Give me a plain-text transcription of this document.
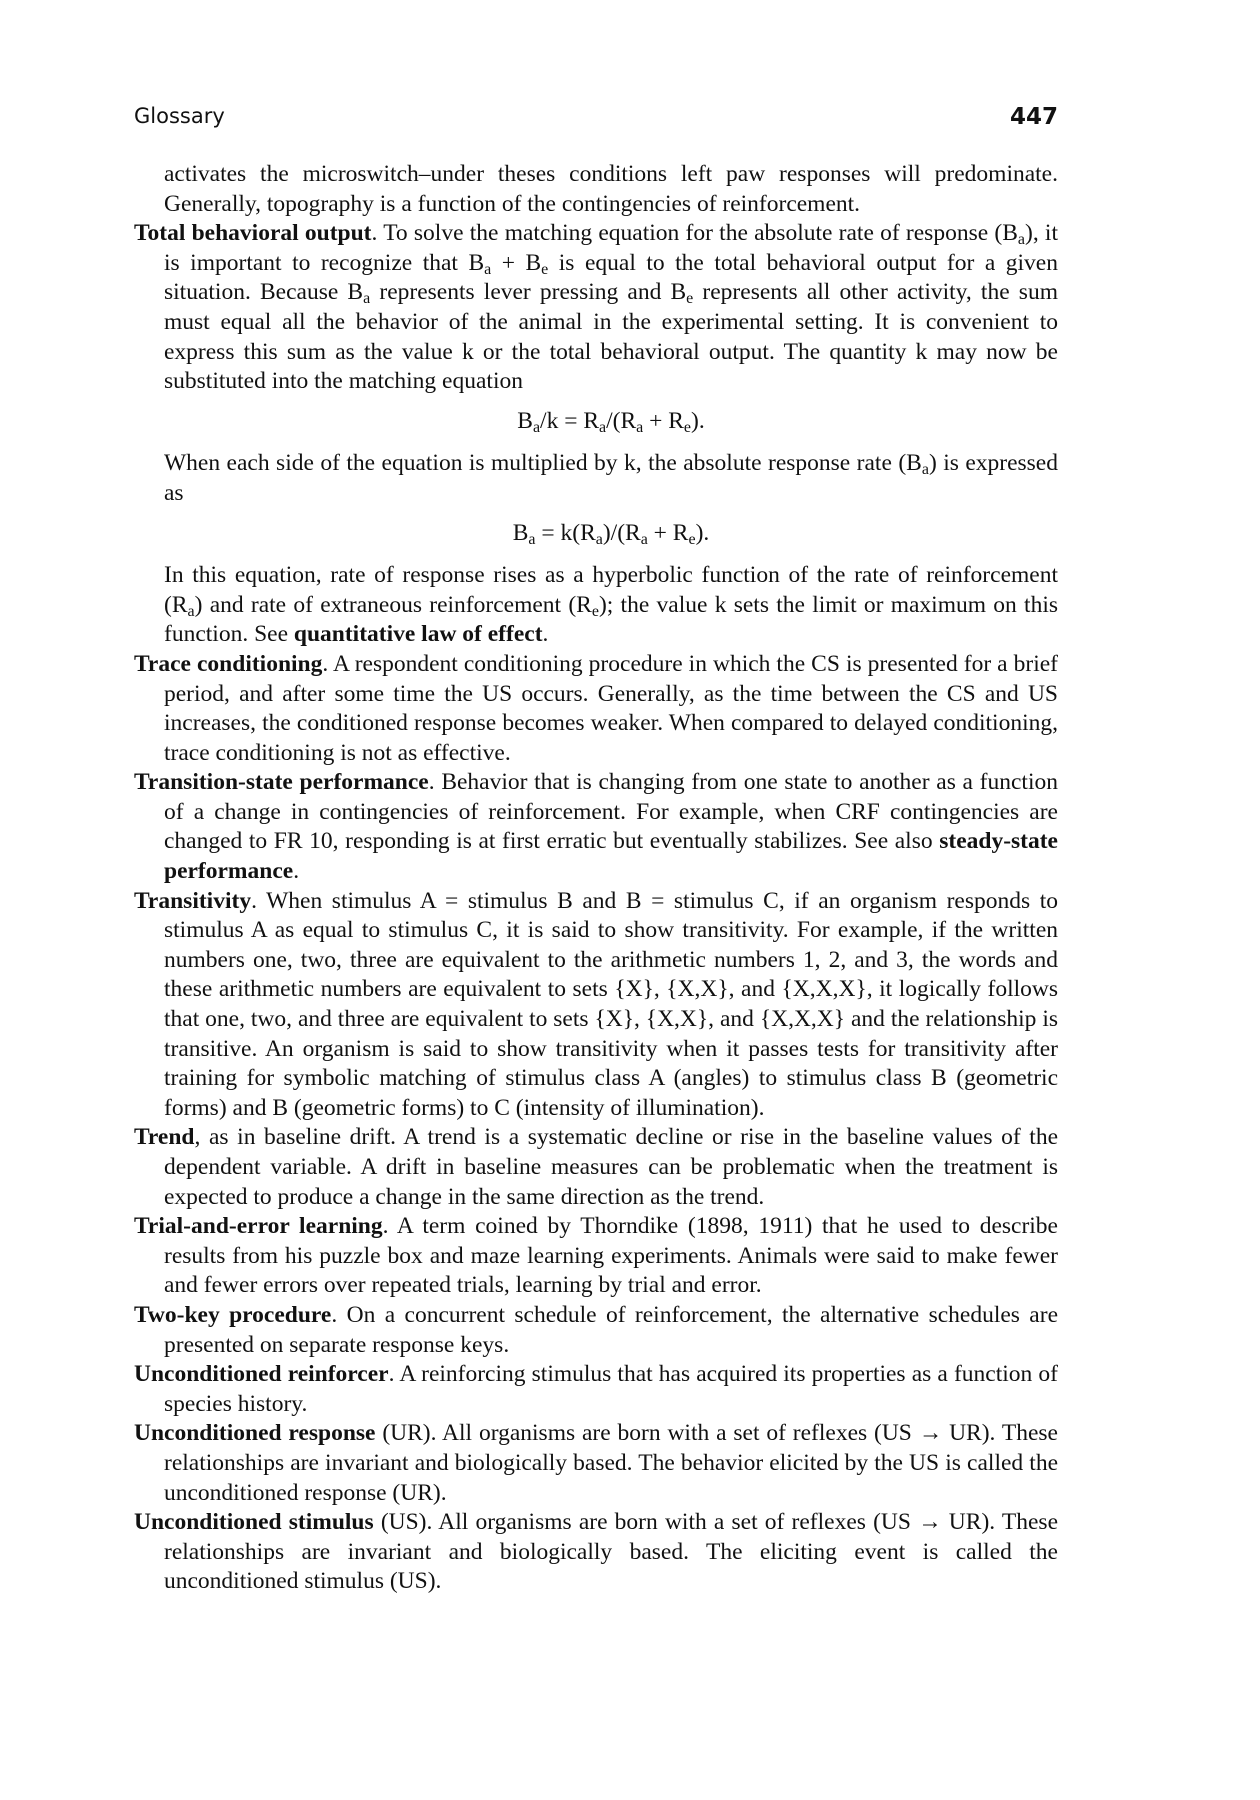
Glossary	447

activates the microswitch–under theses conditions left paw responses will predominate. Generally, topography is a function of the contingencies of reinforcement.

Total behavioral output. To solve the matching equation for the absolute rate of response $(B_a)$, it is important to recognize that $B_a + B_e$ is equal to the total behavioral output for a given situation. Because $B_a$ represents lever pressing and $B_e$ represents all other activity, the sum must equal all the behavior of the animal in the experimental setting. It is convenient to express this sum as the value k or the total behavioral output. The quantity k may now be substituted into the matching equation

$B_a/k = R_a/(R_a + R_e)$.

When each side of the equation is multiplied by k, the absolute response rate $(B_a)$ is expressed as

$B_a = k(R_a)/(R_a + R_e)$.

In this equation, rate of response rises as a hyperbolic function of the rate of reinforcement $(R_a)$ and rate of extraneous reinforcement $(R_e)$; the value k sets the limit or maximum on this function. See quantitative law of effect.

Trace conditioning. A respondent conditioning procedure in which the CS is presented for a brief period, and after some time the US occurs. Generally, as the time between the CS and US increases, the conditioned response becomes weaker. When compared to delayed conditioning, trace conditioning is not as effective.

Transition-state performance. Behavior that is changing from one state to another as a function of a change in contingencies of reinforcement. For example, when CRF contingencies are changed to FR 10, responding is at first erratic but eventually stabilizes. See also steady-state performance.

Transitivity. When stimulus A = stimulus B and B = stimulus C, if an organism responds to stimulus A as equal to stimulus C, it is said to show transitivity. For example, if the written numbers one, two, three are equivalent to the arithmetic numbers 1, 2, and 3, the words and these arithmetic numbers are equivalent to sets {X}, {X,X}, and {X,X,X}, it logically follows that one, two, and three are equivalent to sets {X}, {X,X}, and {X,X,X} and the relationship is transitive. An organism is said to show transitivity when it passes tests for transitivity after training for symbolic matching of stimulus class A (angles) to stimulus class B (geometric forms) and B (geometric forms) to C (intensity of illumination).

Trend, as in baseline drift. A trend is a systematic decline or rise in the baseline values of the dependent variable. A drift in baseline measures can be problematic when the treatment is expected to produce a change in the same direction as the trend.

Trial-and-error learning. A term coined by Thorndike (1898, 1911) that he used to describe results from his puzzle box and maze learning experiments. Animals were said to make fewer and fewer errors over repeated trials, learning by trial and error.

Two-key procedure. On a concurrent schedule of reinforcement, the alternative schedules are presented on separate response keys.

Unconditioned reinforcer. A reinforcing stimulus that has acquired its properties as a function of species history.

Unconditioned response (UR). All organisms are born with a set of reflexes (US → UR). These relationships are invariant and biologically based. The behavior elicited by the US is called the unconditioned response (UR).

Unconditioned stimulus (US). All organisms are born with a set of reflexes (US → UR). These relationships are invariant and biologically based. The eliciting event is called the unconditioned stimulus (US).
